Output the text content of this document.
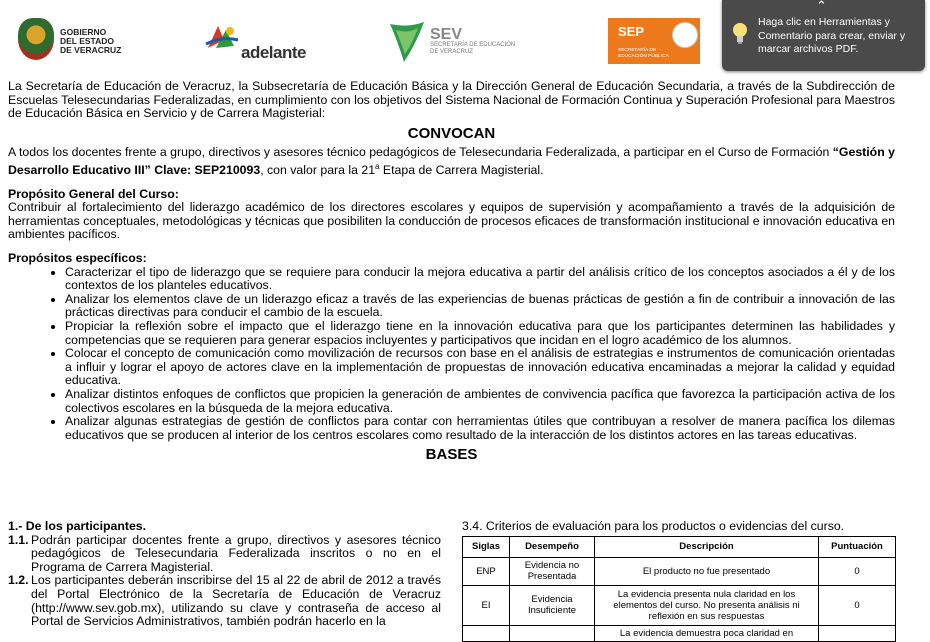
GOBIERNO
DEL ESTADO
DE VERACRUZ	adelante
SEV
SECRETARÍA DE EDUCACIÓN
DE VERACRUZ
SEP
SECRETARÍA DE
EDUCACIÓN PÚBLICA
⌃
Haga clic en Herramientas y Comentario para crear, enviar y marcar archivos PDF.

La Secretaría de Educación de Veracruz, la Subsecretaría de Educación Básica y la Dirección General de Educación Secundaria, a través de la Subdirección de Escuelas Telesecundarias Federalizadas, en cumplimiento con los objetivos del Sistema Nacional de Formación Continua y Superación Profesional para Maestros de Educación Básica en Servicio y de Carrera Magisterial:

CONVOCAN

A todos los docentes frente a grupo, directivos y asesores técnico pedagógicos de Telesecundaria Federalizada, a participar en el Curso de Formación “Gestión y Desarrollo Educativo III” Clave: SEP210093, con valor para la 21$^a$ Etapa de Carrera Magisterial.

Propósito General del Curso:

Contribuir al fortalecimiento del liderazgo académico de los directores escolares y equipos de supervisión y acompañamiento a través de la adquisición de herramientas conceptuales, metodológicas y técnicas que posibiliten la conducción de procesos eficaces de transformación institucional e innovación educativa en ambientes pacíficos.

Propósitos específicos:

• Caracterizar el tipo de liderazgo que se requiere para conducir la mejora educativa a partir del análisis crítico de los conceptos asociados a él y de los contextos de los planteles educativos.
• Analizar los elementos clave de un liderazgo eficaz a través de las experiencias de buenas prácticas de gestión a fin de contribuir a innovación de las prácticas directivas para conducir el cambio de la escuela.
• Propiciar la reflexión sobre el impacto que el liderazgo tiene en la innovación educativa para que los participantes determinen las habilidades y competencias que se requieren para generar espacios incluyentes y participativos que incidan en el logro académico de los alumnos.
• Colocar el concepto de comunicación como movilización de recursos con base en el análisis de estrategias e instrumentos de comunicación orientadas a influir y lograr el apoyo de actores clave en la implementación de propuestas de innovación educativa encaminadas a mejorar la calidad y equidad educativa.
• Analizar distintos enfoques de conflictos que propicien la generación de ambientes de convivencia pacífica que favorezca la participación activa de los colectivos escolares en la búsqueda de la mejora educativa.
• Analizar algunas estrategias de gestión de conflictos para contar con herramientas útiles que contribuyan a resolver de manera pacífica los dilemas educativos que se producen al interior de los centros escolares como resultado de la interacción de los distintos actores en las tareas educativas.
BASES
1.- De los participantes.
1.1. Podrán participar docentes frente a grupo, directivos y asesores técnico pedagógicos de Telesecundaria Federalizada inscritos o no en el Programa de Carrera Magisterial.
1.2. Los participantes deberán inscribirse del 15 al 22 de abril de 2012 a través del Portal Electrónico de la Secretaría de Educación de Veracruz (http://www.sev.gob.mx), utilizando su clave y contraseña de acceso al Portal de Servicios Administrativos, también podrán hacerlo en la
3.4. Criterios de evaluación para los productos o evidencias del curso.
Siglas	Desempeño	Descripción	Puntuación
ENP	Evidencia no Presentada	El producto no fue presentado	0
EI	Evidencia Insuficiente	La evidencia presenta nula claridad en los elementos del curso. No presenta análisis ni reflexión en sus respuestas	0
		La evidencia demuestra poca claridad en	
